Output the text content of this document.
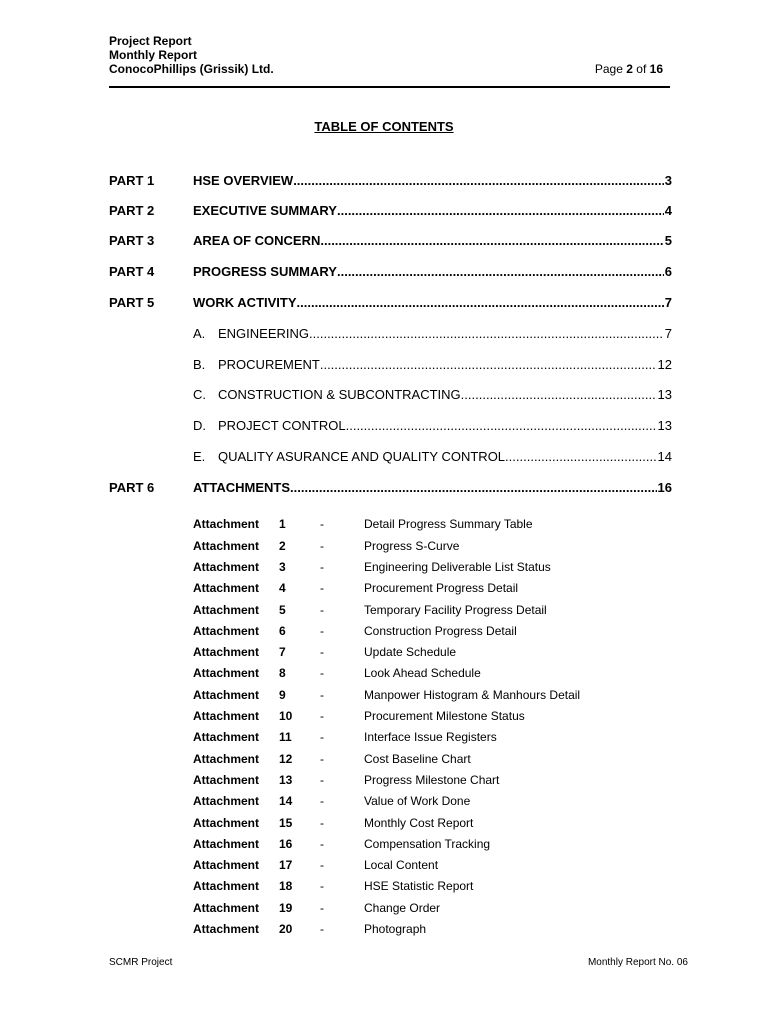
Project Report
Monthly Report
ConocoPhillips (Grissik) Ltd.	Page 2 of 16
TABLE OF CONTENTS
PART 1	HSE OVERVIEW .....	3
PART 2	EXECUTIVE SUMMARY .....	4
PART 3	AREA OF CONCERN .....	5
PART 4	PROGRESS SUMMARY .....	6
PART 5	WORK ACTIVITY .....	7
A. ENGINEERING .....	7
B. PROCUREMENT .....	12
C. CONSTRUCTION & SUBCONTRACTING .....	13
D. PROJECT CONTROL .....	13
E. QUALITY ASURANCE AND QUALITY CONTROL .....	14
PART 6	ATTACHMENTS .....	16
Attachment 1	-	Detail Progress Summary Table
Attachment 2	-	Progress S-Curve
Attachment 3	-	Engineering Deliverable List Status
Attachment 4	-	Procurement Progress Detail
Attachment 5	-	Temporary Facility Progress Detail
Attachment 6	-	Construction Progress Detail
Attachment 7	-	Update Schedule
Attachment 8	-	Look Ahead Schedule
Attachment 9	-	Manpower Histogram & Manhours Detail
Attachment 10 -	Procurement Milestone Status
Attachment 11 -	Interface Issue Registers
Attachment 12 -	Cost Baseline Chart
Attachment 13 -	Progress Milestone Chart
Attachment 14 -	Value of Work Done
Attachment 15 -	Monthly Cost Report
Attachment 16 -	Compensation Tracking
Attachment 17 -	Local Content
Attachment 18 -	HSE Statistic Report
Attachment 19 -	Change Order
Attachment 20 -	Photograph
SCMR Project	Monthly Report No. 06
